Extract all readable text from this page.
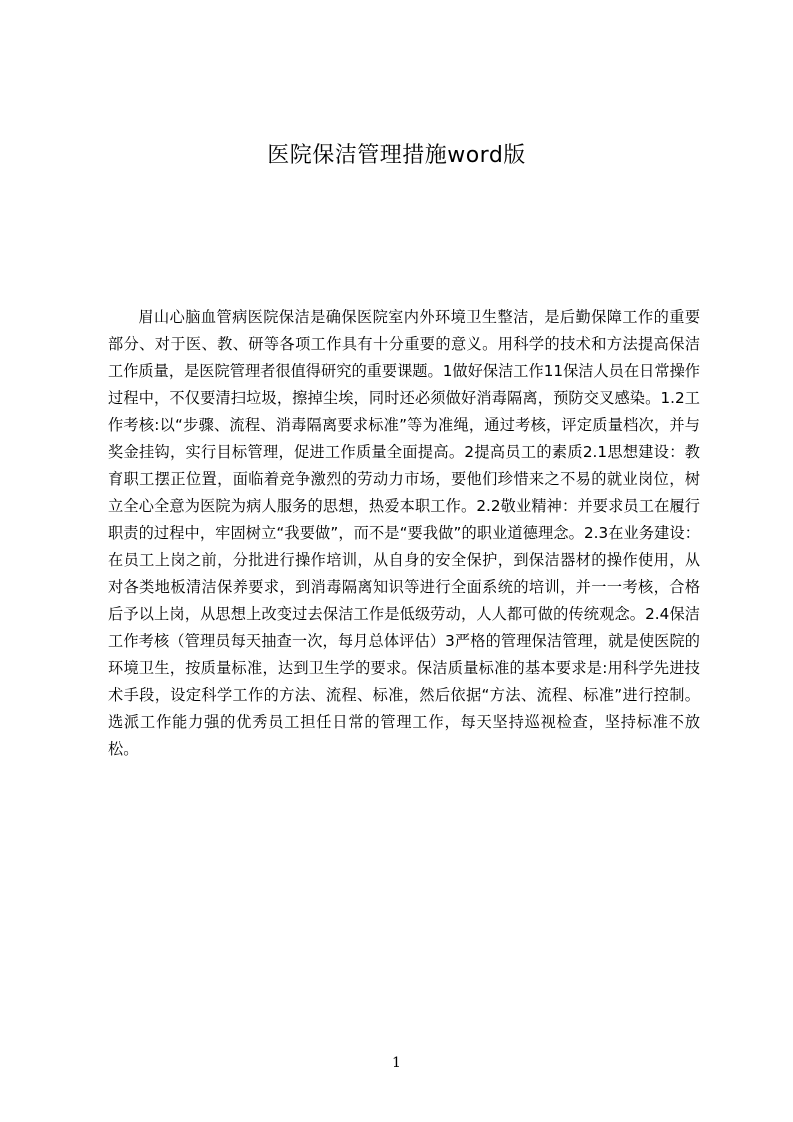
医院保洁管理措施word版

眉山心脑血管病医院保洁是确保医院室内外环境卫生整洁，是后勤保障工作的重要部分、对于医、教、研等各项工作具有十分重要的意义。用科学的技术和方法提高保洁工作质量，是医院管理者很值得研究的重要课题。1做好保洁工作11保洁人员在日常操作过程中，不仅要清扫垃圾，擦掉尘埃，同时还必须做好消毒隔离，预防交叉感染。1.2工作考核:以“步骤、流程、消毒隔离要求标准”等为准绳，通过考核，评定质量档次，并与奖金挂钩，实行目标管理，促进工作质量全面提高。2提高员工的素质2.1思想建设：教育职工摆正位置，面临着竞争激烈的劳动力市场，要他们珍惜来之不易的就业岗位，树立全心全意为医院为病人服务的思想，热爱本职工作。2.2敬业精神：并要求员工在履行职责的过程中，牢固树立“我要做”，而不是“要我做”的职业道德理念。2.3在业务建设：在员工上岗之前，分批进行操作培训，从自身的安全保护，到保洁器材的操作使用，从对各类地板清洁保养要求，到消毒隔离知识等进行全面系统的培训，并一一考核，合格后予以上岗，从思想上改变过去保洁工作是低级劳动，人人都可做的传统观念。2.4保洁工作考核（管理员每天抽查一次，每月总体评估）3严格的管理保洁管理，就是使医院的环境卫生，按质量标准，达到卫生学的要求。保洁质量标准的基本要求是:用科学先进技术手段，设定科学工作的方法、流程、标准，然后依据“方法、流程、标准”进行控制。选派工作能力强的优秀员工担任日常的管理工作，每天坚持巡视检查，坚持标准不放松。

1
